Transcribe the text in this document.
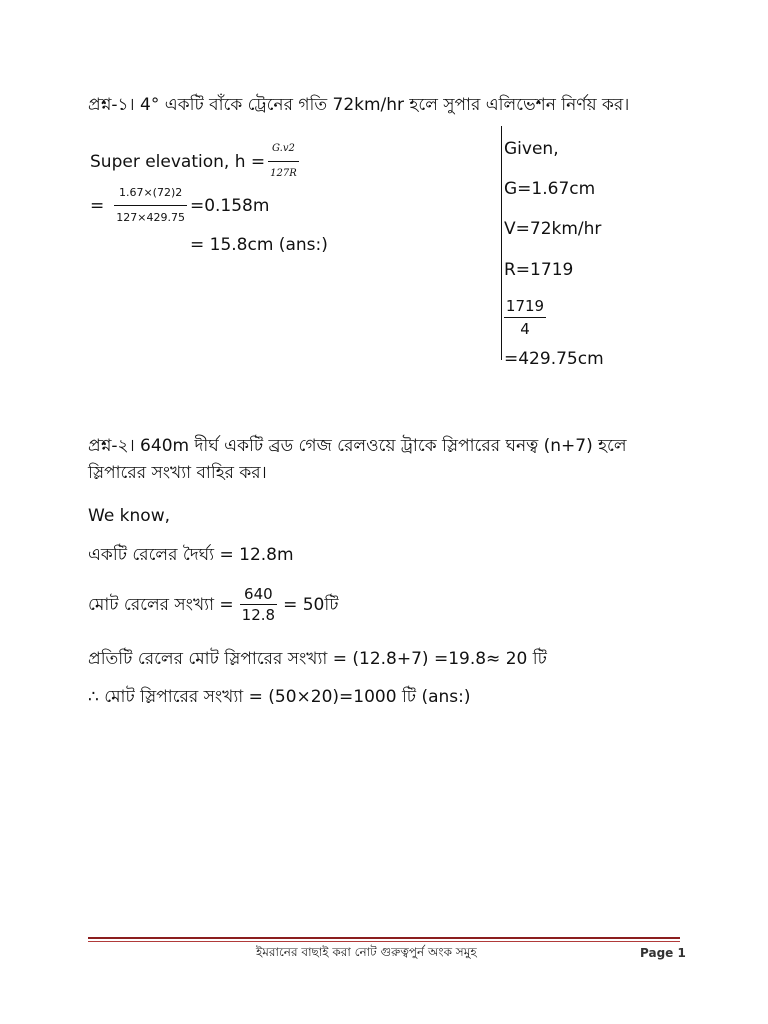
প্রশ্ন-১। 4° একটি বাঁকে ট্রেনের গতি 72km/hr হলে সুপার এলিভেশন নির্ণয় কর।
Super elevation, $h = \frac{G.v2}{127R}$
= $\frac{1.67\times(72)2}{127\times 429.75} =0.158m$
= 15.8cm (ans:)
Given,
G=1.67cm
V=72km/hr
R=1719
$\frac{1719}{4}$
=429.75cm
প্রশ্ন-২। 640m দীর্ঘ একটি ব্রড গেজ রেলওয়ে ট্রাকে স্লিপারের ঘনত্ব (n+7) হলে
স্লিপারের সংখ্যা বাহির কর।
We know,
একটি রেলের দৈর্ঘ্য = 12.8m
মোট রেলের সংখ্যা = $\frac{640}{12.8}$ = 50টি
প্রতিটি রেলের মোট স্লিপারের সংখ্যা = (12.8+7) =19.8≈ 20 টি
∴ মোট স্লিপারের সংখ্যা = (50×20)=1000 টি (ans:)
ইমরানের বাছাই করা নোট গুরুত্বপুর্ন অংক সমুহ	Page 1
